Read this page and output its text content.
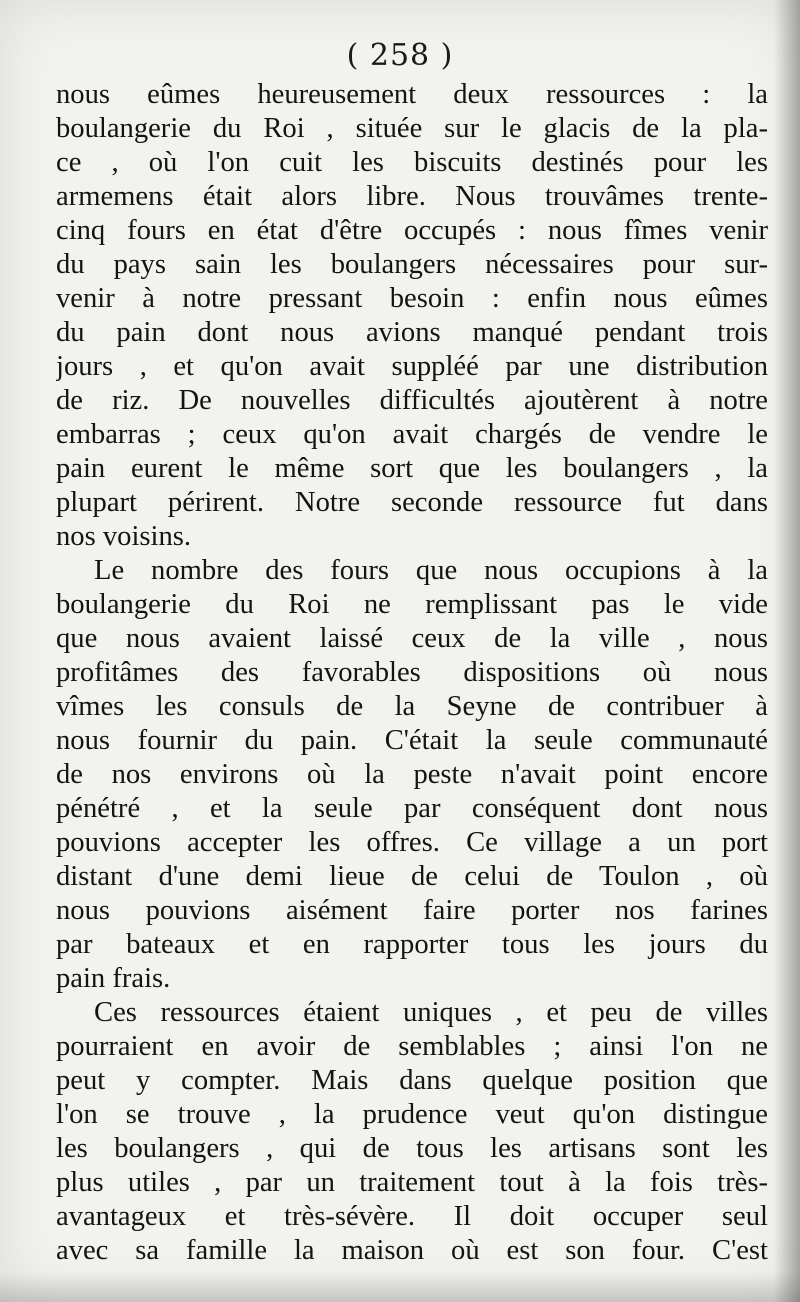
( 258 )
nous eûmes heureusement deux ressources : la
boulangerie du Roi , située sur le glacis de la pla-
ce , où l'on cuit les biscuits destinés pour les
armemens était alors libre. Nous trouvâmes trente-
cinq fours en état d'être occupés : nous fîmes venir
du pays sain les boulangers nécessaires pour sur-
venir à notre pressant besoin : enfin nous eûmes
du pain dont nous avions manqué pendant trois
jours , et qu'on avait suppléé par une distribution
de riz. De nouvelles difficultés ajoutèrent à notre
embarras ; ceux qu'on avait chargés de vendre le
pain eurent le même sort que les boulangers , la
plupart périrent. Notre seconde ressource fut dans
nos voisins.
Le nombre des fours que nous occupions à la
boulangerie du Roi ne remplissant pas le vide
que nous avaient laissé ceux de la ville , nous
profitâmes des favorables dispositions où nous
vîmes les consuls de la Seyne de contribuer à
nous fournir du pain. C'était la seule communauté
de nos environs où la peste n'avait point encore
pénétré , et la seule par conséquent dont nous
pouvions accepter les offres. Ce village a un port
distant d'une demi lieue de celui de Toulon , où
nous pouvions aisément faire porter nos farines
par bateaux et en rapporter tous les jours du
pain frais.
Ces ressources étaient uniques , et peu de villes
pourraient en avoir de semblables ; ainsi l'on ne
peut y compter. Mais dans quelque position que
l'on se trouve , la prudence veut qu'on distingue
les boulangers , qui de tous les artisans sont les
plus utiles , par un traitement tout à la fois très-
avantageux et très-sévère. Il doit occuper seul
avec sa famille la maison où est son four. C'est
